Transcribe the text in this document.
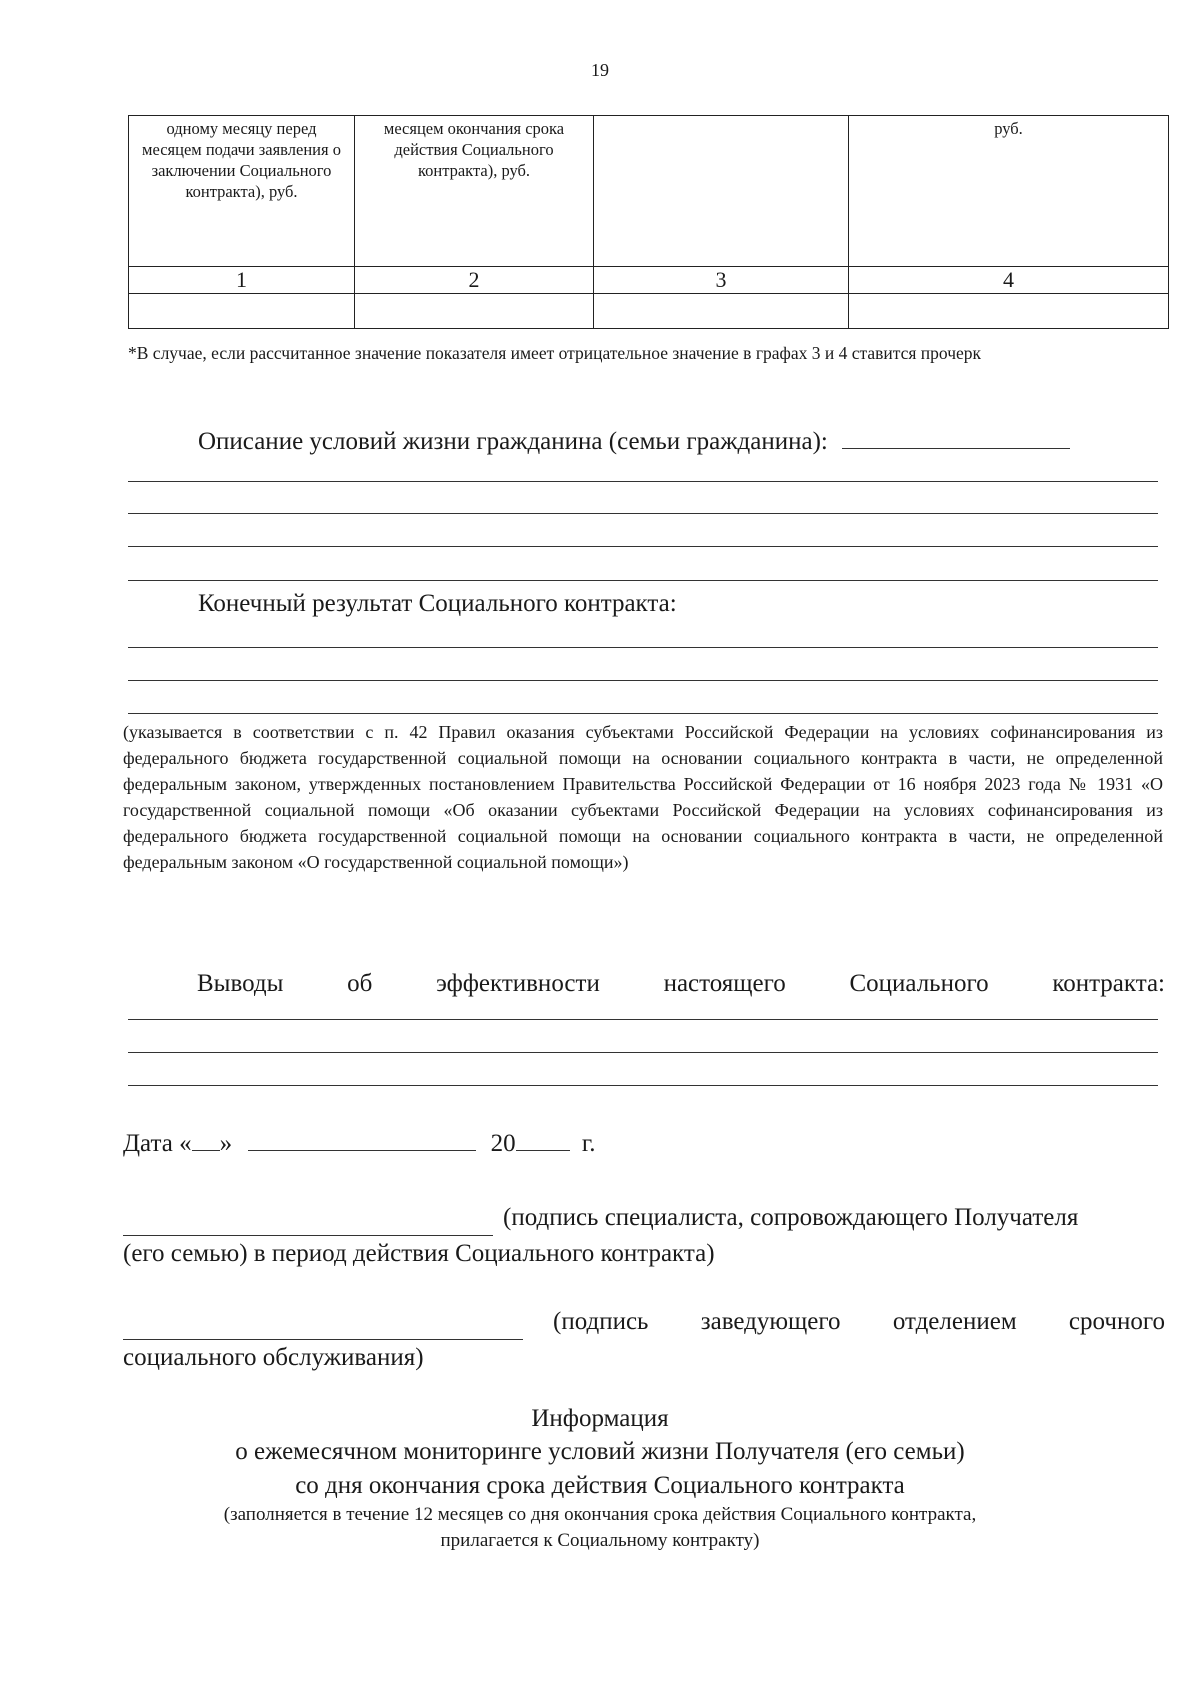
19
одному месяцу перед месяцем подачи заявления о заключении Социального контракта), руб.	месяцем окончания срока действия Социального контракта), руб.		руб.
1	2	3	4

*В случае, если рассчитанное значение показателя имеет отрицательное значение в графах 3 и 4 ставится прочерк
Описание условий жизни гражданина (семьи гражданина):
Конечный результат Социального контракта:
(указывается в соответствии с п. 42 Правил оказания субъектами Российской Федерации на условиях софинансирования из федерального бюджета государственной социальной помощи на основании социального контракта в части, не определенной федеральным законом, утвержденных постановлением Правительства Российской Федерации от 16 ноября 2023 года № 1931 «О государственной социальной помощи «Об оказании субъектами Российской Федерации на условиях софинансирования из федерального бюджета государственной социальной помощи на основании социального контракта в части, не определенной федеральным законом «О государственной социальной помощи»)
Выводы	об	эффективности	настоящего	Социального	контракта:
Дата « »	20	г.
(подпись специалиста, сопровождающего Получателя
(его семью) в период действия Социального контракта)
(подпись заведующего отделением срочного
социального обслуживания)
Информация
о ежемесячном мониторинге условий жизни Получателя (его семьи)
со дня окончания срока действия Социального контракта
(заполняется в течение 12 месяцев со дня окончания срока действия Социального контракта,
прилагается к Социальному контракту)
